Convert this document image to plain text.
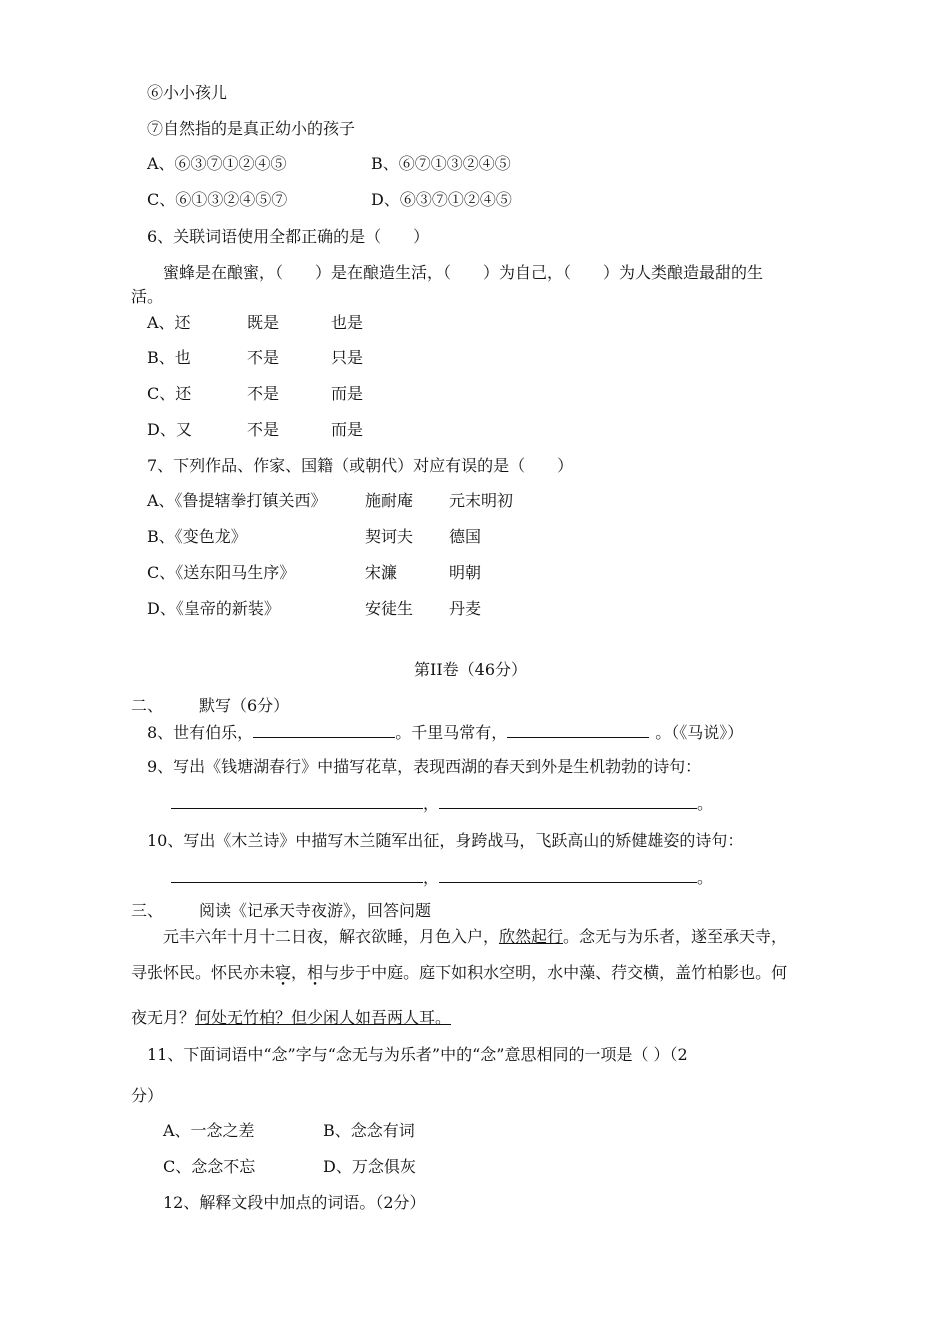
⑥小小孩儿
⑦自然指的是真正幼小的孩子
A、⑥③⑦①②④⑤	B、⑥⑦①③②④⑤
C、⑥①③②④⑤⑦	D、⑥③⑦①②④⑤
6、关联词语使用全都正确的是（　　）
蜜蜂是在酿蜜，（　　）是在酿造生活，（　　）为自己，（　　）为人类酿造最甜的生
活。
A、还	既是	也是
B、也	不是	只是
C、还	不是	而是
D、又	不是	而是
7、下列作品、作家、国籍（或朝代）对应有误的是（　　）
A、《鲁提辖拳打镇关西》 施耐庵 元末明初
B、《变色龙》	契诃夫 德国
C、《送东阳马生序》	宋濂	明朝
D、《皇帝的新装》	安徒生 丹麦
第II卷（46分）
二、 默写（6分）
8、世有伯乐，	。千里马常有，	。（《马说》）
9、写出《钱塘湖春行》中描写花草，表现西湖的春天到外是生机勃勃的诗句：
，	。
10、写出《木兰诗》中描写木兰随军出征，身跨战马，飞跃高山的矫健雄姿的诗句：
，	。
三、 阅读《记承天寺夜游》，回答问题
元丰六年十月十二日夜，解衣欲睡，月色入户，欣然起行。念无与为乐者，遂至承天寺，
寻张怀民。怀民亦未寝，相与步于中庭。庭下如积水空明，水中藻、荇交横，盖竹柏影也。何
夜无月？何处无竹柏？但少闲人如吾两人耳。
11、下面词语中“念”字与“念无与为乐者”中的“念”意思相同的一项是（ ）（2
分）
A、一念之差	B、念念有词
C、念念不忘	D、万念俱灰
12、解释文段中加点的词语。（2分）
